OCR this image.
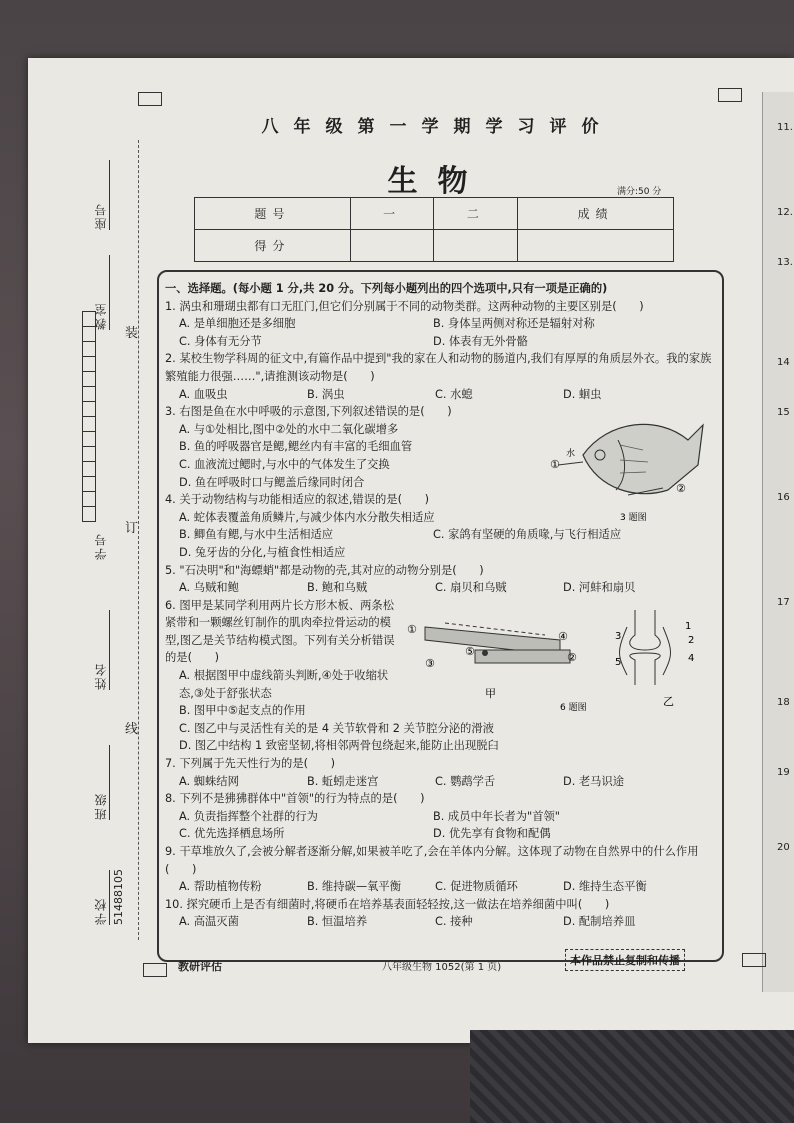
11.
12.
13.
14
15
16
17
18
19
20
装
订
线
座号
教室
学号
姓名
班级
学校 51488105
八年级第一学期学习评价
生物	满分:50 分
题号	一	二	成绩
得分			

一、选择题。(每小题 1 分,共 20 分。下列每小题列出的四个选项中,只有一项是正确的)

1. 涡虫和珊瑚虫都有口无肛门,但它们分别属于不同的动物类群。这两种动物的主要区别是(　　)

A. 是单细胞还是多细胞	B. 身体呈两侧对称还是辐射对称
C. 身体有无分节	D. 体表有无外骨骼

2. 某校生物学科周的征文中,有篇作品中提到"我的家在人和动物的肠道内,我们有厚厚的角质层外衣。我的家族繁殖能力很强……",请推测该动物是(　　)

A. 血吸虫	B. 涡虫	C. 水螅	D. 蛔虫

3. 右图是鱼在水中呼吸的示意图,下列叙述错误的是(　　)

A. 与①处相比,图中②处的水中二氧化碳增多
B. 鱼的呼吸器官是鳃,鳃丝内有丰富的毛细血管
C. 血液流过鳃时,与水中的气体发生了交换
D. 鱼在呼吸时口与鳃盖后缘同时闭合

4. 关于动物结构与功能相适应的叙述,错误的是(　　)

A. 蛇体表覆盖角质鳞片,与减少体内水分散失相适应
B. 鲫鱼有鳃,与水中生活相适应	C. 家鸽有坚硬的角质喙,与飞行相适应
D. 兔牙齿的分化,与植食性相适应

5. "石决明"和"海螵蛸"都是动物的壳,其对应的动物分别是(　　)

A. 乌贼和鲍	B. 鲍和乌贼	C. 扇贝和乌贼	D. 河蚌和扇贝

6. 图甲是某同学利用两片长方形木板、两条松紧带和一颗螺丝钉制作的肌肉牵拉骨运动的模型,图乙是关节结构模式图。下列有关分析错误的是(　　)

A. 根据图甲中虚线箭头判断,④处于收缩状态,③处于舒张状态
B. 图甲中⑤起支点的作用
C. 图乙中与灵活性有关的是 4 关节软骨和 2 关节腔分泌的滑液
D. 图乙中结构 1 致密坚韧,将相邻两骨包绕起来,能防止出现脱臼

7. 下列属于先天性行为的是(　　)

A. 蜘蛛结网	B. 蚯蚓走迷宫	C. 鹦鹉学舌	D. 老马识途

8. 下列不是狒狒群体中"首领"的行为特点的是(　　)

A. 负责指挥整个社群的行为	B. 成员中年长者为"首领"
C. 优先选择栖息场所	D. 优先享有食物和配偶

9. 干草堆放久了,会被分解者逐渐分解,如果被羊吃了,会在羊体内分解。这体现了动物在自然界中的什么作用(　　)

A. 帮助植物传粉	B. 维持碳—氧平衡	C. 促进物质循环	D. 维持生态平衡

10. 探究硬币上是否有细菌时,将硬币在培养基表面轻轻按,这一做法在培养细菌中叫(　　)

A. 高温灭菌	B. 恒温培养	C. 接种	D. 配制培养皿
水
①
②
3 题图
①
②
③
④
⑤
甲
6 题图
1
2
3
4
5
乙
教研评估	八年级生物 1052(第 1 页)
本作品禁止复制和传播
